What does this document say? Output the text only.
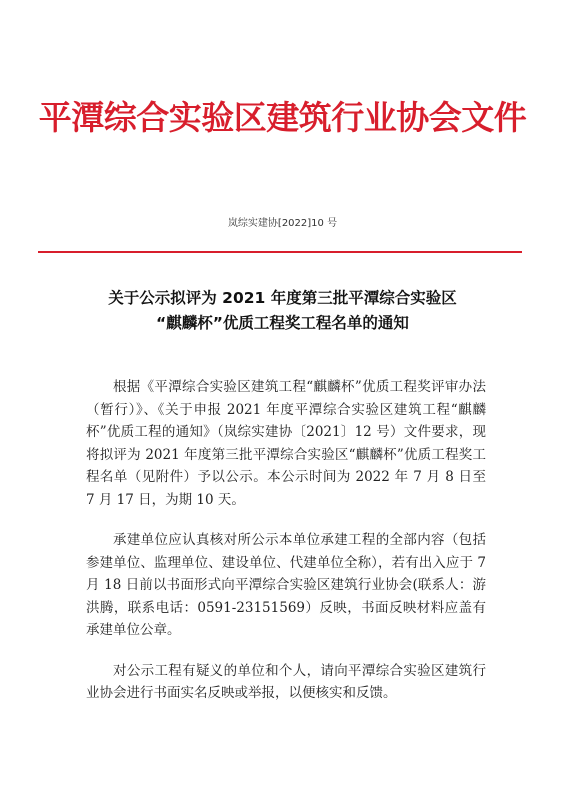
平潭综合实验区建筑行业协会文件
岚综实建协[2022]10 号
关于公示拟评为 2021 年度第三批平潭综合实验区
“麒麟杯”优质工程奖工程名单的通知

根据《平潭综合实验区建筑工程“麒麟杯”优质工程奖评审办法（暂行）》、《关于申报 2021 年度平潭综合实验区建筑工程“麒麟杯”优质工程的通知》（岚综实建协〔2021〕12 号）文件要求，现将拟评为 2021 年度第三批平潭综合实验区“麒麟杯”优质工程奖工程名单（见附件）予以公示。本公示时间为 2022 年 7 月 8 日至 7 月 17 日，为期 10 天。

承建单位应认真核对所公示本单位承建工程的全部内容（包括参建单位、监理单位、建设单位、代建单位全称），若有出入应于 7 月 18 日前以书面形式向平潭综合实验区建筑行业协会(联系人：游洪腾，联系电话：0591-23151569）反映，书面反映材料应盖有承建单位公章。

对公示工程有疑义的单位和个人，请向平潭综合实验区建筑行业协会进行书面实名反映或举报，以便核实和反馈。
